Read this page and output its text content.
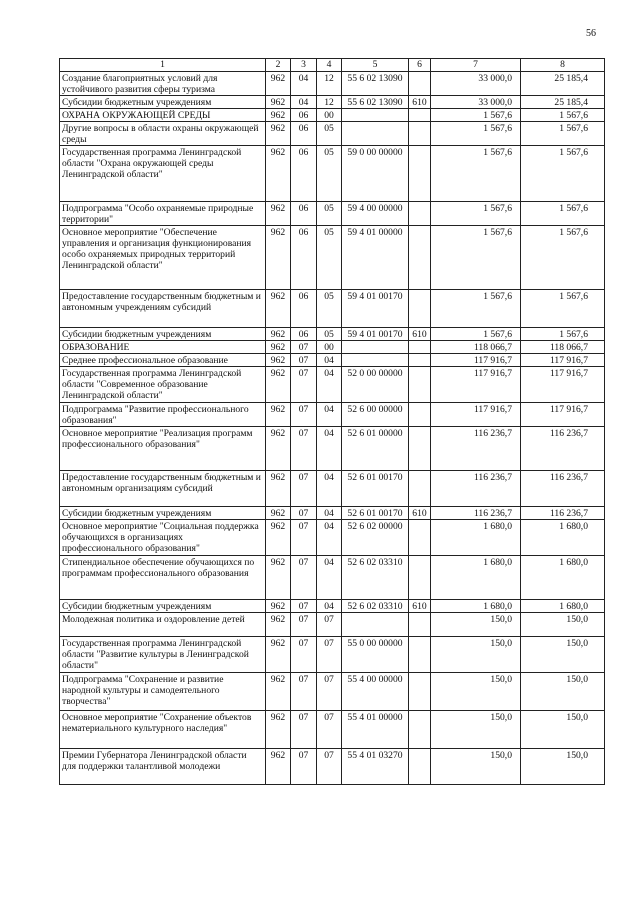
56
1	2	3	4	5	6	7	8
Создание благоприятных условий для устойчивого развития сферы туризма	962	04	12	55 6 02 13090		33 000,0	25 185,4
Субсидии бюджетным учреждениям	962	04	12	55 6 02 13090	610	33 000,0	25 185,4
ОХРАНА ОКРУЖАЮЩЕЙ СРЕДЫ	962	06	00			1 567,6	1 567,6
Другие вопросы в области охраны окружающей среды	962	06	05			1 567,6	1 567,6
Государственная программа Ленинградской области "Охрана окружающей среды Ленинградской области"	962	06	05	59 0 00 00000		1 567,6	1 567,6
Подпрограмма "Особо охраняемые природные территории"	962	06	05	59 4 00 00000		1 567,6	1 567,6
Основное мероприятие "Обеспечение управления и организация функционирования особо охраняемых природных территорий Ленинградской области"	962	06	05	59 4 01 00000		1 567,6	1 567,6
Предоставление государственным бюджетным и автономным учреждениям субсидий	962	06	05	59 4 01 00170		1 567,6	1 567,6
Субсидии бюджетным учреждениям	962	06	05	59 4 01 00170	610	1 567,6	1 567,6
ОБРАЗОВАНИЕ	962	07	00			118 066,7	118 066,7
Среднее профессиональное образование	962	07	04			117 916,7	117 916,7
Государственная программа Ленинградской области "Современное образование Ленинградской области"	962	07	04	52 0 00 00000		117 916,7	117 916,7
Подпрограмма "Развитие профессионального образования"	962	07	04	52 6 00 00000		117 916,7	117 916,7
Основное мероприятие "Реализация программ профессионального образования"	962	07	04	52 6 01 00000		116 236,7	116 236,7
Предоставление государственным бюджетным и автономным организациям субсидий	962	07	04	52 6 01 00170		116 236,7	116 236,7
Субсидии бюджетным учреждениям	962	07	04	52 6 01 00170	610	116 236,7	116 236,7
Основное мероприятие "Социальная поддержка обучающихся в организациях профессионального образования"	962	07	04	52 6 02 00000		1 680,0	1 680,0
Стипендиальное обеспечение обучающихся по программам профессионального образования	962	07	04	52 6 02 03310		1 680,0	1 680,0
Субсидии бюджетным учреждениям	962	07	04	52 6 02 03310	610	1 680,0	1 680,0
Молодежная политика и оздоровление детей	962	07	07			150,0	150,0
Государственная программа Ленинградской области "Развитие культуры в Ленинградской области"	962	07	07	55 0 00 00000		150,0	150,0
Подпрограмма "Сохранение и развитие народной культуры и самодеятельного творчества"	962	07	07	55 4 00 00000		150,0	150,0
Основное мероприятие "Сохранение объектов нематериального культурного наследия"	962	07	07	55 4 01 00000		150,0	150,0
Премии Губернатора Ленинградской области для поддержки талантливой молодежи	962	07	07	55 4 01 03270		150,0	150,0
